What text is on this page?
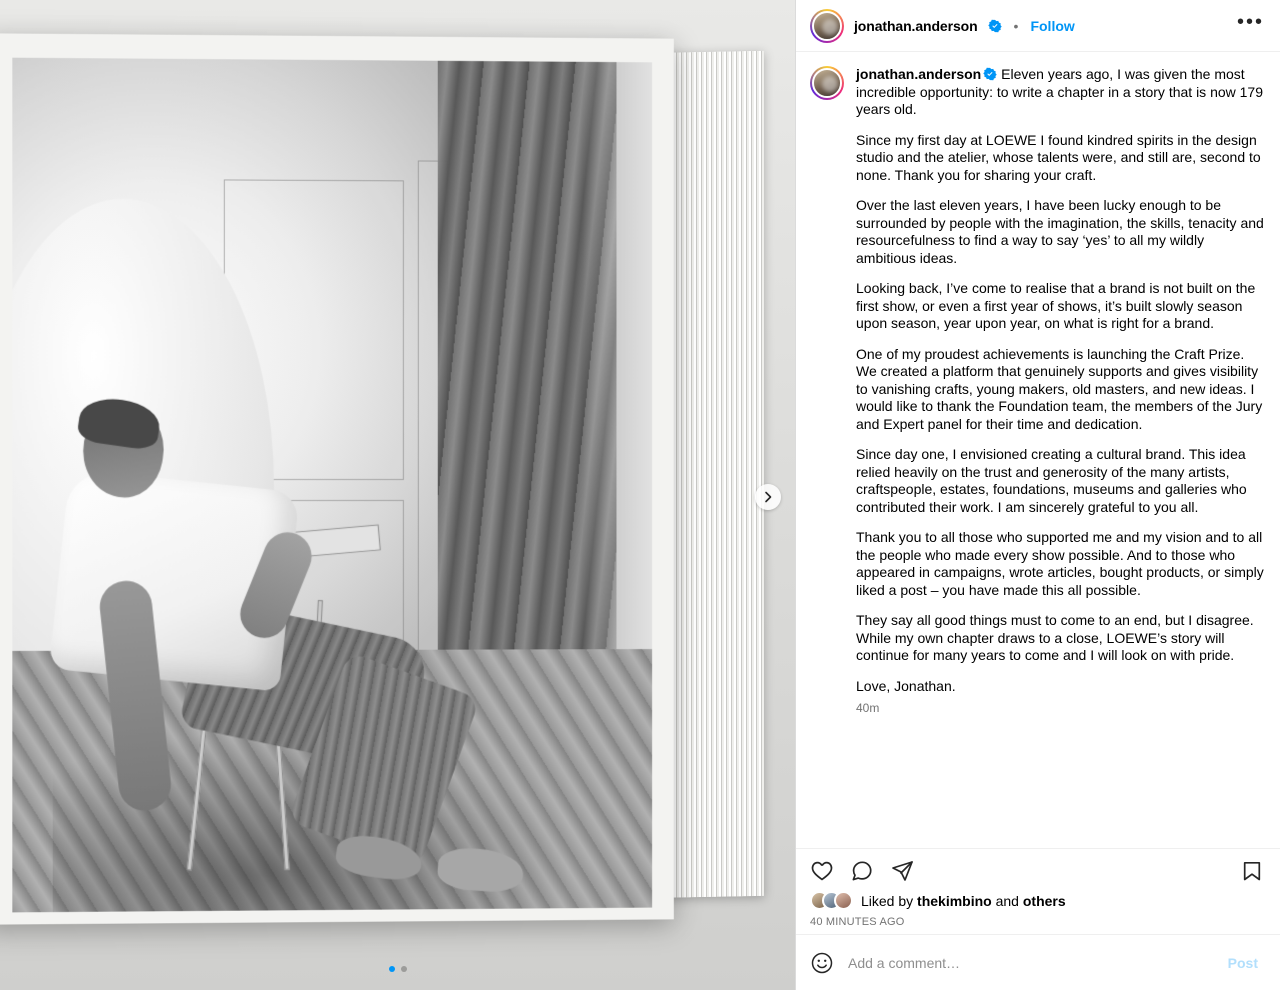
jonathan.anderson	• Follow	•••

jonathan.anderson Eleven years ago, I was given the most incredible opportunity: to write a chapter in a story that is now 179 years old.

Since my first day at LOEWE I found kindred spirits in the design studio and the atelier, whose talents were, and still are, second to none. Thank you for sharing your craft.

Over the last eleven years, I have been lucky enough to be surrounded by people with the imagination, the skills, tenacity and resourcefulness to find a way to say ‘yes’ to all my wildly ambitious ideas.

Looking back, I’ve come to realise that a brand is not built on the first show, or even a first year of shows, it’s built slowly season upon season, year upon year, on what is right for a brand.

One of my proudest achievements is launching the Craft Prize. We created a platform that genuinely supports and gives visibility to vanishing crafts, young makers, old masters, and new ideas. I would like to thank the Foundation team, the members of the Jury and Expert panel for their time and dedication.

Since day one, I envisioned creating a cultural brand. This idea relied heavily on the trust and generosity of the many artists, craftspeople, estates, foundations, museums and galleries who contributed their work. I am sincerely grateful to you all.

Thank you to all those who supported me and my vision and to all the people who made every show possible. And to those who appeared in campaigns, wrote articles, bought products, or simply liked a post – you have made this all possible.

They say all good things must to come to an end, but I disagree. While my own chapter draws to a close, LOEWE’s story will continue for many years to come and I will look on with pride.

Love, Jonathan.

40m
Liked by thekimbino and others
40 MINUTES AGO
Add a comment…
Post
